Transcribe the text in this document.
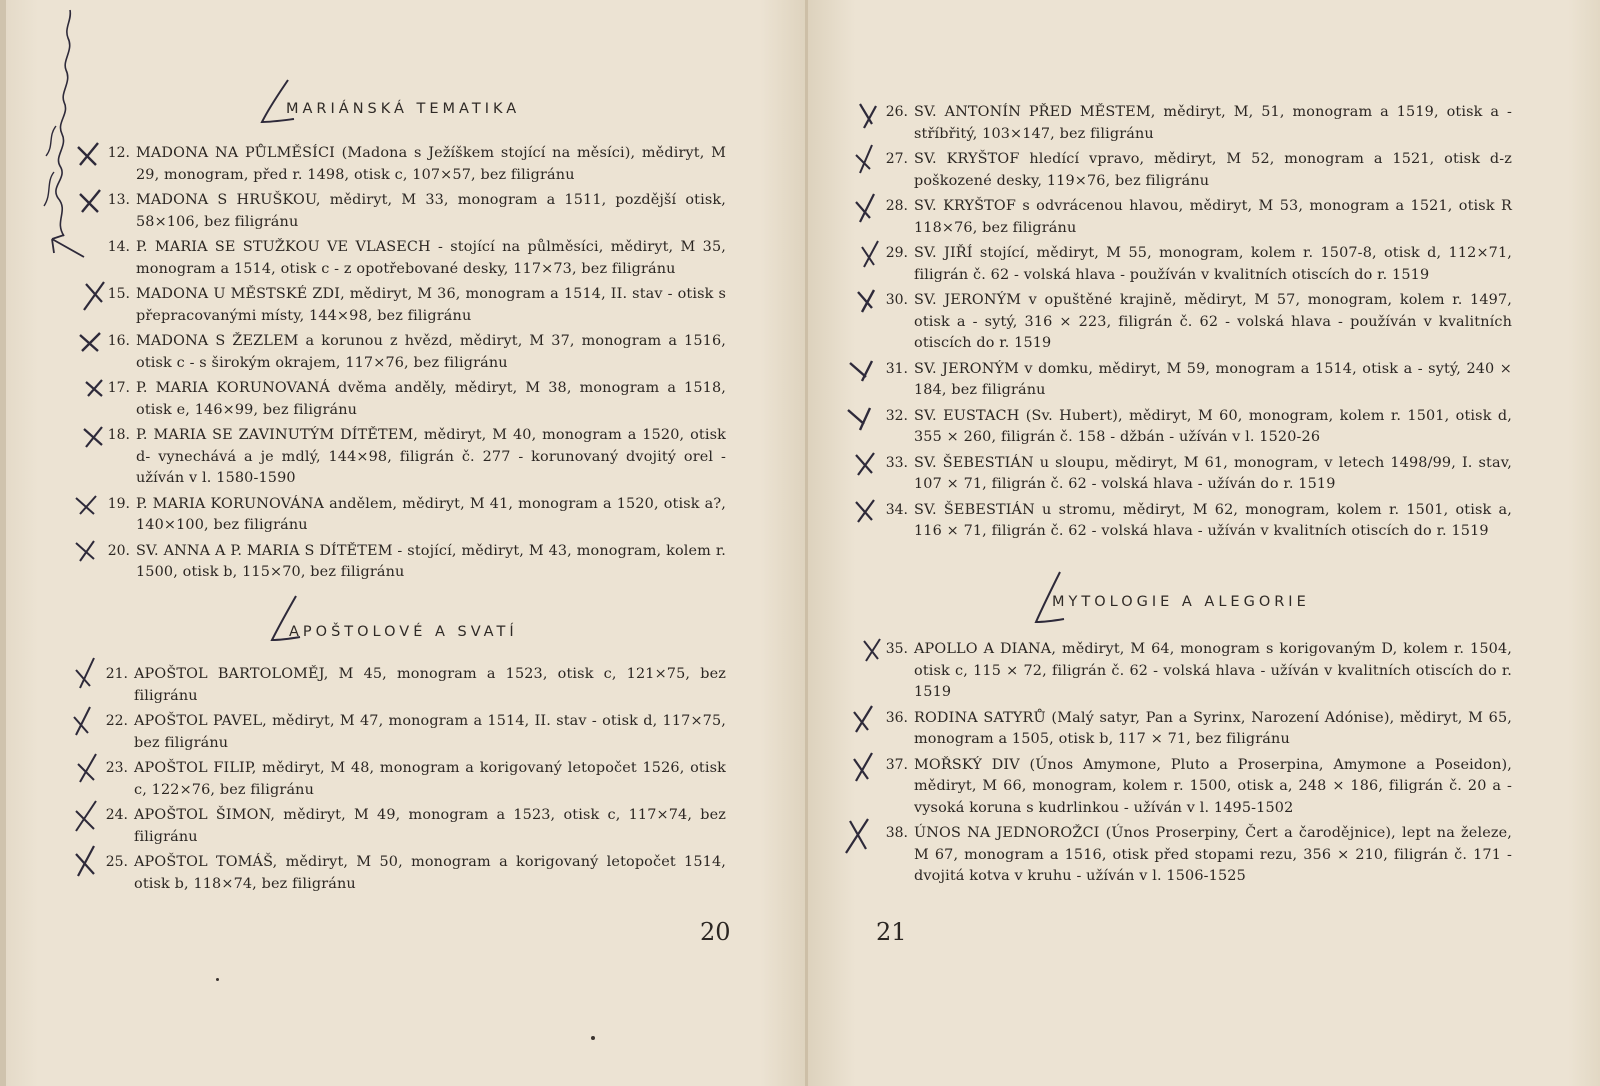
MARIÁNSKÁ TEMATIKA
12. MADONA NA PŮLMĚSÍCI (Madona s Ježíškem stojící na měsíci), mědiryt, M 29, monogram, před r. 1498, otisk c, 107×57, bez filigránu
13. MADONA S HRUŠKOU, mědiryt, M 33, monogram a 1511, pozdější otisk, 58×106, bez filigránu
14. P. MARIA SE STUŽKOU VE VLASECH - stojící na půlměsíci, mědiryt, M 35, monogram a 1514, otisk c - z opotřebované desky, 117×73, bez filigránu
15. MADONA U MĚSTSKÉ ZDI, mědiryt, M 36, monogram a 1514, II. stav - otisk s přepracovanými místy, 144×98, bez filigránu
16. MADONA S ŽEZLEM a korunou z hvězd, mědiryt, M 37, monogram a 1516, otisk c - s širokým okrajem, 117×76, bez filigránu
17. P. MARIA KORUNOVANÁ dvěma anděly, mědiryt, M 38, monogram a 1518, otisk e, 146×99, bez filigránu
18. P. MARIA SE ZAVINUTÝM DÍTĚTEM, mědiryt, M 40, monogram a 1520, otisk d- vynechává a je mdlý, 144×98, filigrán č. 277 - korunovaný dvojitý orel - užíván v l. 1580-1590
19. P. MARIA KORUNOVÁNA andělem, mědiryt, M 41, monogram a 1520, otisk a?, 140×100, bez filigránu
20. SV. ANNA A P. MARIA S DÍTĚTEM - stojící, mědiryt, M 43, monogram, kolem r. 1500, otisk b, 115×70, bez filigránu
APOŠTOLOVÉ A SVATÍ
21. APOŠTOL BARTOLOMĚJ, M 45, monogram a 1523, otisk c, 121×75, bez filigránu
22. APOŠTOL PAVEL, mědiryt, M 47, monogram a 1514, II. stav - otisk d, 117×75, bez filigránu
23. APOŠTOL FILIP, mědiryt, M 48, monogram a korigovaný letopočet 1526, otisk c, 122×76, bez filigránu
24. APOŠTOL ŠIMON, mědiryt, M 49, monogram a 1523, otisk c, 117×74, bez filigránu
25. APOŠTOL TOMÁŠ, mědiryt, M 50, monogram a korigovaný letopočet 1514, otisk b, 118×74, bez filigránu
20
26. SV. ANTONÍN PŘED MĚSTEM, mědiryt, M, 51, monogram a 1519, otisk a - stříbřitý, 103×147, bez filigránu
27. SV. KRYŠTOF hledící vpravo, mědiryt, M 52, monogram a 1521, otisk d-z poškozené desky, 119×76, bez filigránu
28. SV. KRYŠTOF s odvrácenou hlavou, mědiryt, M 53, monogram a 1521, otisk R 118×76, bez filigránu
29. SV. JIŘÍ stojící, mědiryt, M 55, monogram, kolem r. 1507-8, otisk d, 112×71, filigrán č. 62 - volská hlava - používán v kvalitních otiscích do r. 1519
30. SV. JERONÝM v opuštěné krajině, mědiryt, M 57, monogram, kolem r. 1497, otisk a - sytý, 316 × 223, filigrán č. 62 - volská hlava - používán v kvalitních otiscích do r. 1519
31. SV. JERONÝM v domku, mědiryt, M 59, monogram a 1514, otisk a - sytý, 240 × 184, bez filigránu
32. SV. EUSTACH (Sv. Hubert), mědiryt, M 60, monogram, kolem r. 1501, otisk d, 355 × 260, filigrán č. 158 - džbán - užíván v l. 1520-26
33. SV. ŠEBESTIÁN u sloupu, mědiryt, M 61, monogram, v letech 1498/99, I. stav, 107 × 71, filigrán č. 62 - volská hlava - užíván do r. 1519
34. SV. ŠEBESTIÁN u stromu, mědiryt, M 62, monogram, kolem r. 1501, otisk a, 116 × 71, filigrán č. 62 - volská hlava - užíván v kvalitních otiscích do r. 1519
MYTOLOGIE A ALEGORIE
35. APOLLO A DIANA, mědiryt, M 64, monogram s korigovaným D, kolem r. 1504, otisk c, 115 × 72, filigrán č. 62 - volská hlava - užíván v kvalitních otiscích do r. 1519
36. RODINA SATYRŮ (Malý satyr, Pan a Syrinx, Narození Adónise), mědiryt, M 65, monogram a 1505, otisk b, 117 × 71, bez filigránu
37. MOŘSKÝ DIV (Únos Amymone, Pluto a Proserpina, Amymone a Poseidon), mědiryt, M 66, monogram, kolem r. 1500, otisk a, 248 × 186, filigrán č. 20 a - vysoká koruna s kudrlinkou - užíván v l. 1495-1502
38. ÚNOS NA JEDNOROŽCI (Únos Proserpiny, Čert a čarodějnice), lept na železe, M 67, monogram a 1516, otisk před stopami rezu, 356 × 210, filigrán č. 171 - dvojitá kotva v kruhu - užíván v l. 1506-1525
21
